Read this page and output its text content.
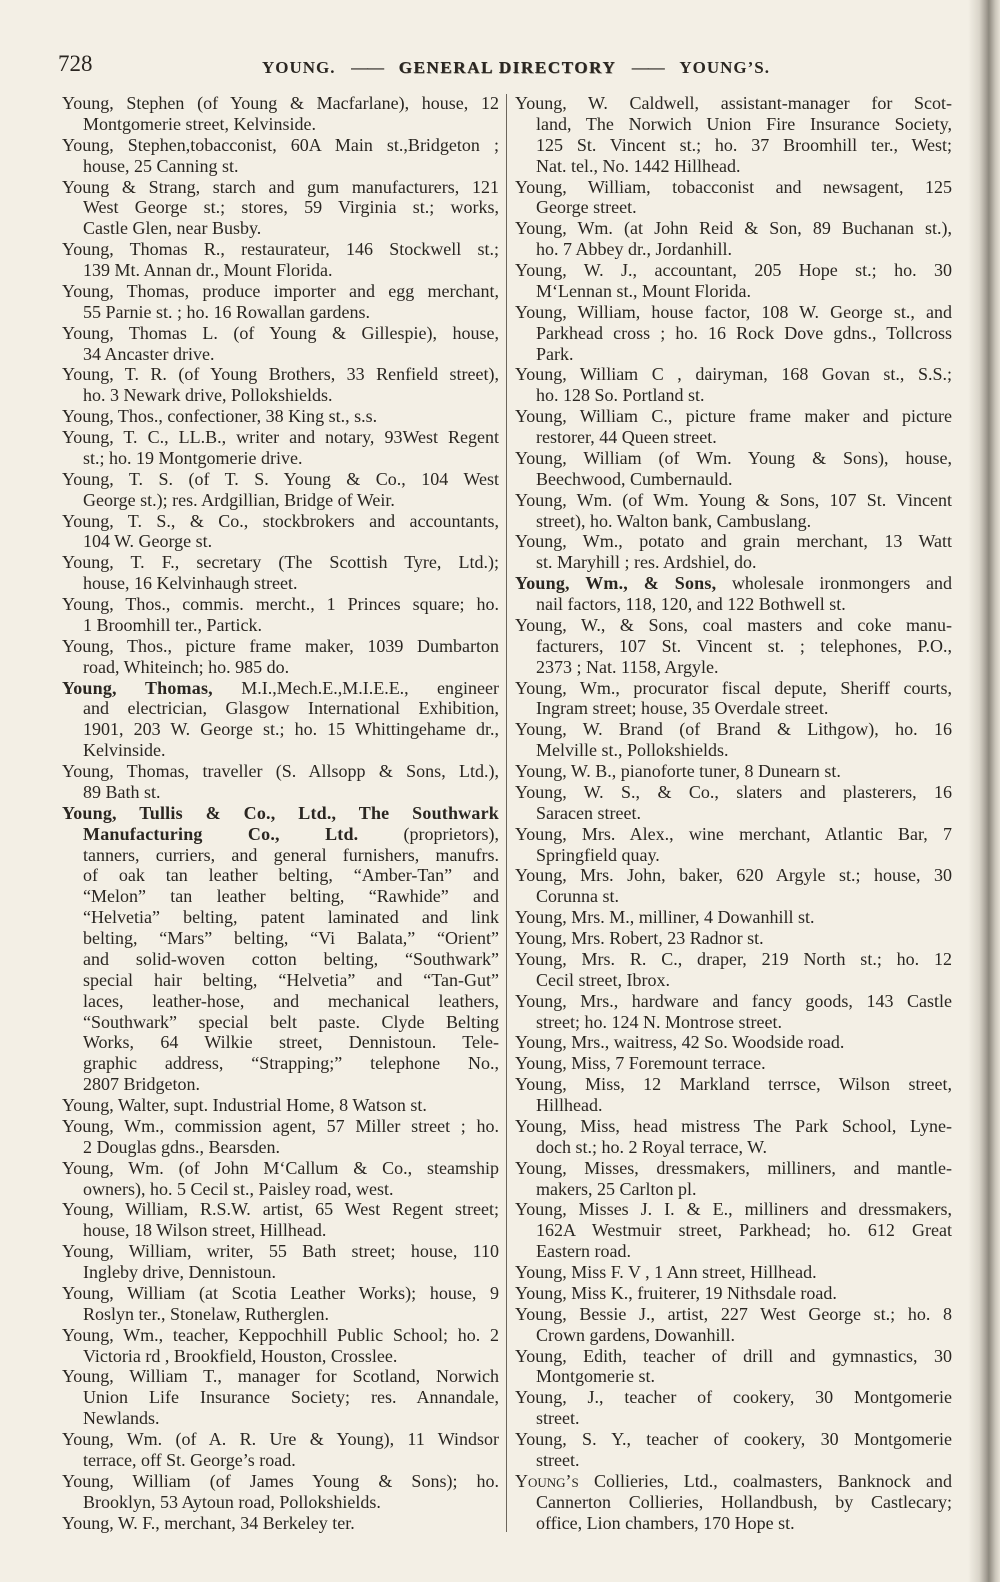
728	YOUNG. —— GENERAL DIRECTORY —— YOUNG’S.
Young, Stephen (of Young & Macfarlane), house, 12
Montgomerie street, Kelvinside.
Young, Stephen,tobacconist, 60A Main st.,Bridgeton ;
house, 25 Canning st.
Young & Strang, starch and gum manufacturers, 121
West George st.; stores, 59 Virginia st.; works,
Castle Glen, near Busby.
Young, Thomas R., restaurateur, 146 Stockwell st.;
139 Mt. Annan dr., Mount Florida.
Young, Thomas, produce importer and egg merchant,
55 Parnie st. ; ho. 16 Rowallan gardens.
Young, Thomas L. (of Young & Gillespie), house,
34 Ancaster drive.
Young, T. R. (of Young Brothers, 33 Renfield street),
ho. 3 Newark drive, Pollokshields.
Young, Thos., confectioner, 38 King st., s.s.
Young, T. C., LL.B., writer and notary, 93West Regent
st.; ho. 19 Montgomerie drive.
Young, T. S. (of T. S. Young & Co., 104 West
George st.); res. Ardgillian, Bridge of Weir.
Young, T. S., & Co., stockbrokers and accountants,
104 W. George st.
Young, T. F., secretary (The Scottish Tyre, Ltd.);
house, 16 Kelvinhaugh street.
Young, Thos., commis. mercht., 1 Princes square; ho.
1 Broomhill ter., Partick.
Young, Thos., picture frame maker, 1039 Dumbarton
road, Whiteinch; ho. 985 do.
Young, Thomas, M.I.,Mech.E.,M.I.E.E., engineer
and electrician, Glasgow International Exhibition,
1901, 203 W. George st.; ho. 15 Whittingehame dr.,
Kelvinside.
Young, Thomas, traveller (S. Allsopp & Sons, Ltd.),
89 Bath st.
Young, Tullis & Co., Ltd., The Southwark
Manufacturing Co., Ltd. (proprietors),
tanners, curriers, and general furnishers, manufrs.
of oak tan leather belting, “Amber-Tan” and
“Melon” tan leather belting, “Rawhide” and
“Helvetia” belting, patent laminated and link
belting, “Mars” belting, “Vi Balata,” “Orient”
and solid-woven cotton belting, “Southwark”
special hair belting, “Helvetia” and “Tan-Gut”
laces, leather-hose, and mechanical leathers,
“Southwark” special belt paste. Clyde Belting
Works, 64 Wilkie street, Dennistoun. Tele-
graphic address, “Strapping;” telephone No.,
2807 Bridgeton.
Young, Walter, supt. Industrial Home, 8 Watson st.
Young, Wm., commission agent, 57 Miller street ; ho.
2 Douglas gdns., Bearsden.
Young, Wm. (of John M‘Callum & Co., steamship
owners), ho. 5 Cecil st., Paisley road, west.
Young, William, R.S.W. artist, 65 West Regent street;
house, 18 Wilson street, Hillhead.
Young, William, writer, 55 Bath street; house, 110
Ingleby drive, Dennistoun.
Young, William (at Scotia Leather Works); house, 9
Roslyn ter., Stonelaw, Rutherglen.
Young, Wm., teacher, Keppochhill Public School; ho. 2
Victoria rd , Brookfield, Houston, Crosslee.
Young, William T., manager for Scotland, Norwich
Union Life Insurance Society; res. Annandale,
Newlands.
Young, Wm. (of A. R. Ure & Young), 11 Windsor
terrace, off St. George’s road.
Young, William (of James Young & Sons); ho.
Brooklyn, 53 Aytoun road, Pollokshields.
Young, W. F., merchant, 34 Berkeley ter.
Young, W. Caldwell, assistant-manager for Scot-
land, The Norwich Union Fire Insurance Society,
125 St. Vincent st.; ho. 37 Broomhill ter., West;
Nat. tel., No. 1442 Hillhead.
Young, William, tobacconist and newsagent, 125
George street.
Young, Wm. (at John Reid & Son, 89 Buchanan st.),
ho. 7 Abbey dr., Jordanhill.
Young, W. J., accountant, 205 Hope st.; ho. 30
M‘Lennan st., Mount Florida.
Young, William, house factor, 108 W. George st., and
Parkhead cross ; ho. 16 Rock Dove gdns., Tollcross
Park.
Young, William C , dairyman, 168 Govan st., S.S.;
ho. 128 So. Portland st.
Young, William C., picture frame maker and picture
restorer, 44 Queen street.
Young, William (of Wm. Young & Sons), house,
Beechwood, Cumbernauld.
Young, Wm. (of Wm. Young & Sons, 107 St. Vincent
street), ho. Walton bank, Cambuslang.
Young, Wm., potato and grain merchant, 13 Watt
st. Maryhill ; res. Ardshiel, do.
Young, Wm., & Sons, wholesale ironmongers and
nail factors, 118, 120, and 122 Bothwell st.
Young, W., & Sons, coal masters and coke manu-
facturers, 107 St. Vincent st. ; telephones, P.O.,
2373 ; Nat. 1158, Argyle.
Young, Wm., procurator fiscal depute, Sheriff courts,
Ingram street; house, 35 Overdale street.
Young, W. Brand (of Brand & Lithgow), ho. 16
Melville st., Pollokshields.
Young, W. B., pianoforte tuner, 8 Dunearn st.
Young, W. S., & Co., slaters and plasterers, 16
Saracen street.
Young, Mrs. Alex., wine merchant, Atlantic Bar, 7
Springfield quay.
Young, Mrs. John, baker, 620 Argyle st.; house, 30
Corunna st.
Young, Mrs. M., milliner, 4 Dowanhill st.
Young, Mrs. Robert, 23 Radnor st.
Young, Mrs. R. C., draper, 219 North st.; ho. 12
Cecil street, Ibrox.
Young, Mrs., hardware and fancy goods, 143 Castle
street; ho. 124 N. Montrose street.
Young, Mrs., waitress, 42 So. Woodside road.
Young, Miss, 7 Foremount terrace.
Young, Miss, 12 Markland terrsce, Wilson street,
Hillhead.
Young, Miss, head mistress The Park School, Lyne-
doch st.; ho. 2 Royal terrace, W.
Young, Misses, dressmakers, milliners, and mantle-
makers, 25 Carlton pl.
Young, Misses J. I. & E., milliners and dressmakers,
162A Westmuir street, Parkhead; ho. 612 Great
Eastern road.
Young, Miss F. V , 1 Ann street, Hillhead.
Young, Miss K., fruiterer, 19 Nithsdale road.
Young, Bessie J., artist, 227 West George st.; ho. 8
Crown gardens, Dowanhill.
Young, Edith, teacher of drill and gymnastics, 30
Montgomerie st.
Young, J., teacher of cookery, 30 Montgomerie
street.
Young, S. Y., teacher of cookery, 30 Montgomerie
street.
Young’s Collieries, Ltd., coalmasters, Banknock and
Cannerton Collieries, Hollandbush, by Castlecary;
office, Lion chambers, 170 Hope st.
